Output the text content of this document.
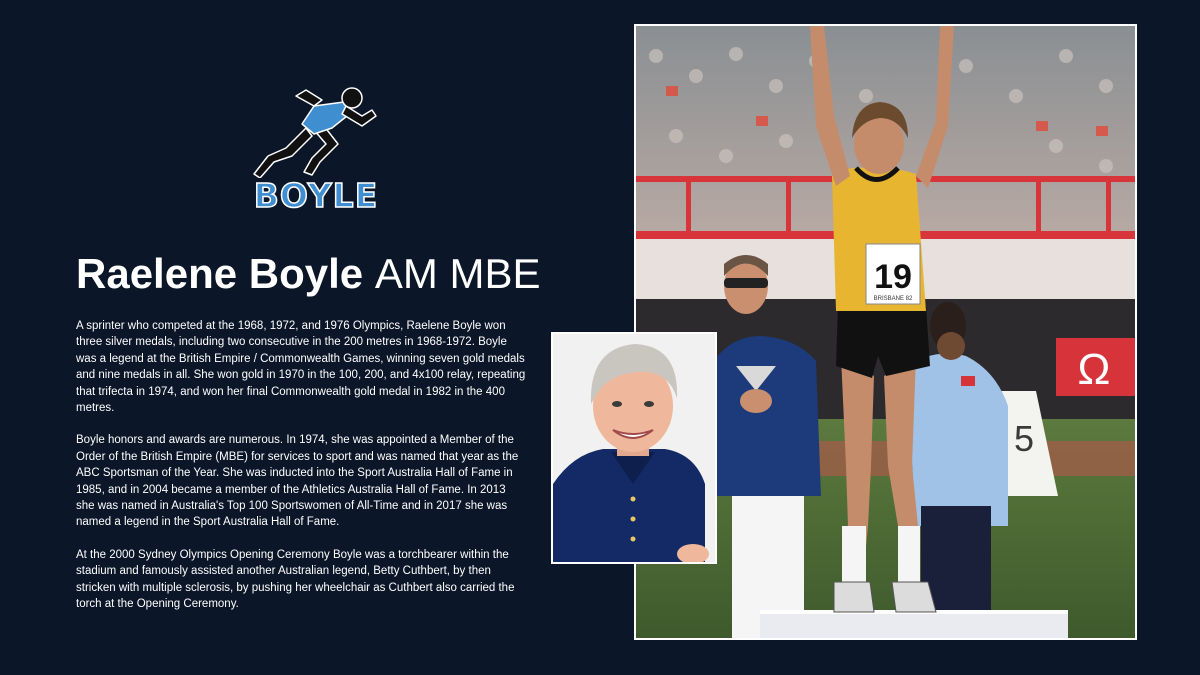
BOYLE
Raelene Boyle AM MBE

A sprinter who competed at the 1968, 1972, and 1976 Olympics, Raelene Boyle won three silver medals, including two consecutive in the 200 metres in 1968-1972. Boyle was a legend at the British Empire / Commonwealth Games, winning seven gold medals and nine medals in all. She won gold in 1970 in the 100, 200, and 4x100 relay, repeating that trifecta in 1974, and won her final Commonwealth gold medal in 1982 in the 400 metres.

Boyle honors and awards are numerous. In 1974, she was appointed a Member of the Order of the British Empire (MBE) for services to sport and was named that year as the ABC Sportsman of the Year. She was inducted into the Sport Australia Hall of Fame in 1985, and in 2004 became a member of the Athletics Australia Hall of Fame. In 2013 she was named in Australia's Top 100 Sportswomen of All-Time and in 2017 she was named a legend in the Sport Australia Hall of Fame.

At the 2000 Sydney Olympics Opening Ceremony Boyle was a torchbearer within the stadium and famously assisted another Australian legend, Betty Cuthbert, by then stricken with multiple sclerosis, by pushing her wheelchair as Cuthbert also carried the torch at the Opening Ceremony.

Ω
5
19
BRISBANE 82
